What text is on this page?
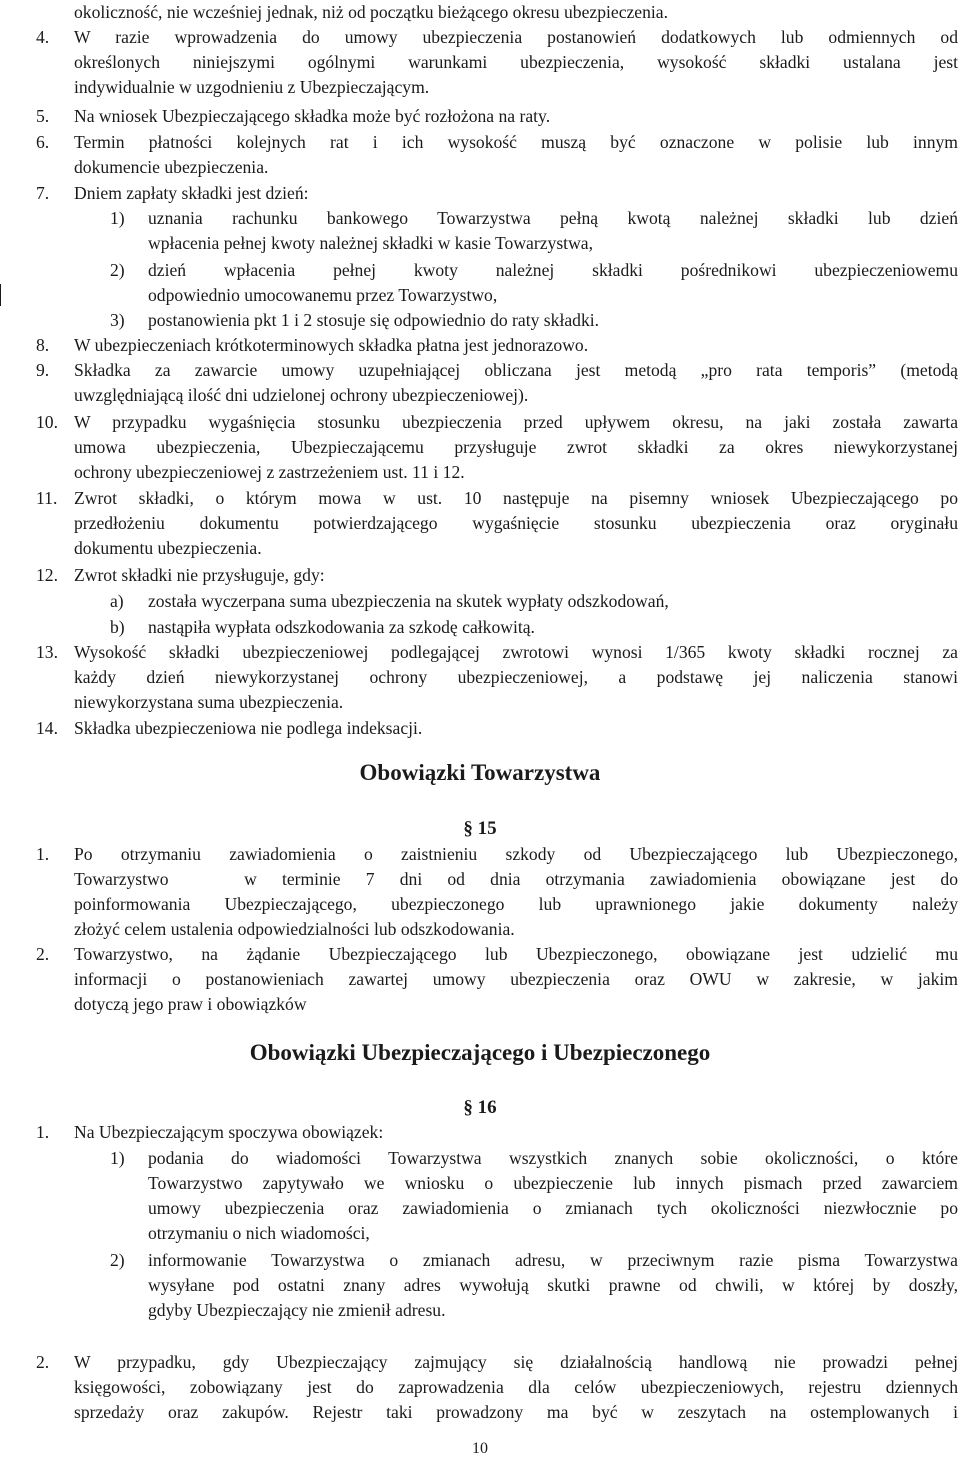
okoliczność, nie wcześniej jednak, niż od początku bieżącego okresu ubezpieczenia.
4. W razie wprowadzenia do umowy ubezpieczenia postanowień dodatkowych lub odmiennych od
określonych niniejszymi ogólnymi warunkami ubezpieczenia, wysokość składki ustalana jest
indywidualnie w uzgodnieniu z Ubezpieczającym.
5. Na wniosek Ubezpieczającego składka może być rozłożona na raty.
6. Termin płatności kolejnych rat i ich wysokość muszą być oznaczone w polisie lub innym
dokumencie ubezpieczenia.
7. Dniem zapłaty składki jest dzień:
1) uznania rachunku bankowego Towarzystwa pełną kwotą należnej składki lub dzień
wpłacenia pełnej kwoty należnej składki w kasie Towarzystwa,
2) dzień wpłacenia pełnej kwoty należnej składki pośrednikowi ubezpieczeniowemu
odpowiednio umocowanemu przez Towarzystwo,
3) postanowienia pkt 1 i 2 stosuje się odpowiednio do raty składki.
8. W ubezpieczeniach krótkoterminowych składka płatna jest jednorazowo.
9. Składka za zawarcie umowy uzupełniającej obliczana jest metodą „pro rata temporis” (metodą
uwzględniającą ilość dni udzielonej ochrony ubezpieczeniowej).
10. W przypadku wygaśnięcia stosunku ubezpieczenia przed upływem okresu, na jaki została zawarta
umowa ubezpieczenia, Ubezpieczającemu przysługuje zwrot składki za okres niewykorzystanej
ochrony ubezpieczeniowej z zastrzeżeniem ust. 11 i 12.
11. Zwrot składki, o którym mowa w ust. 10 następuje na pisemny wniosek Ubezpieczającego po
przedłożeniu dokumentu potwierdzającego wygaśnięcie stosunku ubezpieczenia oraz oryginału
dokumentu ubezpieczenia.
12. Zwrot składki nie przysługuje, gdy:
a) została wyczerpana suma ubezpieczenia na skutek wypłaty odszkodowań,
b) nastąpiła wypłata odszkodowania za szkodę całkowitą.
13. Wysokość składki ubezpieczeniowej podlegającej zwrotowi wynosi 1/365 kwoty składki rocznej za
każdy dzień niewykorzystanej ochrony ubezpieczeniowej, a podstawę jej naliczenia stanowi
niewykorzystana suma ubezpieczenia.
14. Składka ubezpieczeniowa nie podlega indeksacji.
Obowiązki Towarzystwa
§ 15
1. Po otrzymaniu zawiadomienia o zaistnieniu szkody od Ubezpieczającego lub Ubezpieczonego,
Towarzystwo   w terminie 7 dni od dnia otrzymania zawiadomienia obowiązane jest do
poinformowania Ubezpieczającego, ubezpieczonego lub uprawnionego jakie dokumenty należy
złożyć celem ustalenia odpowiedzialności lub odszkodowania.
2. Towarzystwo, na żądanie Ubezpieczającego lub Ubezpieczonego, obowiązane jest udzielić mu
informacji o postanowieniach zawartej umowy ubezpieczenia oraz OWU w zakresie, w jakim
dotyczą jego praw i obowiązków
Obowiązki Ubezpieczającego i Ubezpieczonego
§ 16
1. Na Ubezpieczającym spoczywa obowiązek:
1) podania do wiadomości Towarzystwa wszystkich znanych sobie okoliczności, o które
Towarzystwo zapytywało we wniosku o ubezpieczenie lub innych pismach przed zawarciem
umowy ubezpieczenia oraz zawiadomienia o zmianach tych okoliczności niezwłocznie po
otrzymaniu o nich wiadomości,
2) informowanie Towarzystwa o zmianach adresu, w przeciwnym razie pisma Towarzystwa
wysyłane pod ostatni znany adres wywołują skutki prawne od chwili, w której by doszły,
gdyby Ubezpieczający nie zmienił adresu.
2. W przypadku, gdy Ubezpieczający zajmujący się działalnością handlową nie prowadzi pełnej
księgowości, zobowiązany jest do zaprowadzenia dla celów ubezpieczeniowych, rejestru dziennych
sprzedaży oraz zakupów. Rejestr taki prowadzony ma być w zeszytach na ostemplowanych i
10
